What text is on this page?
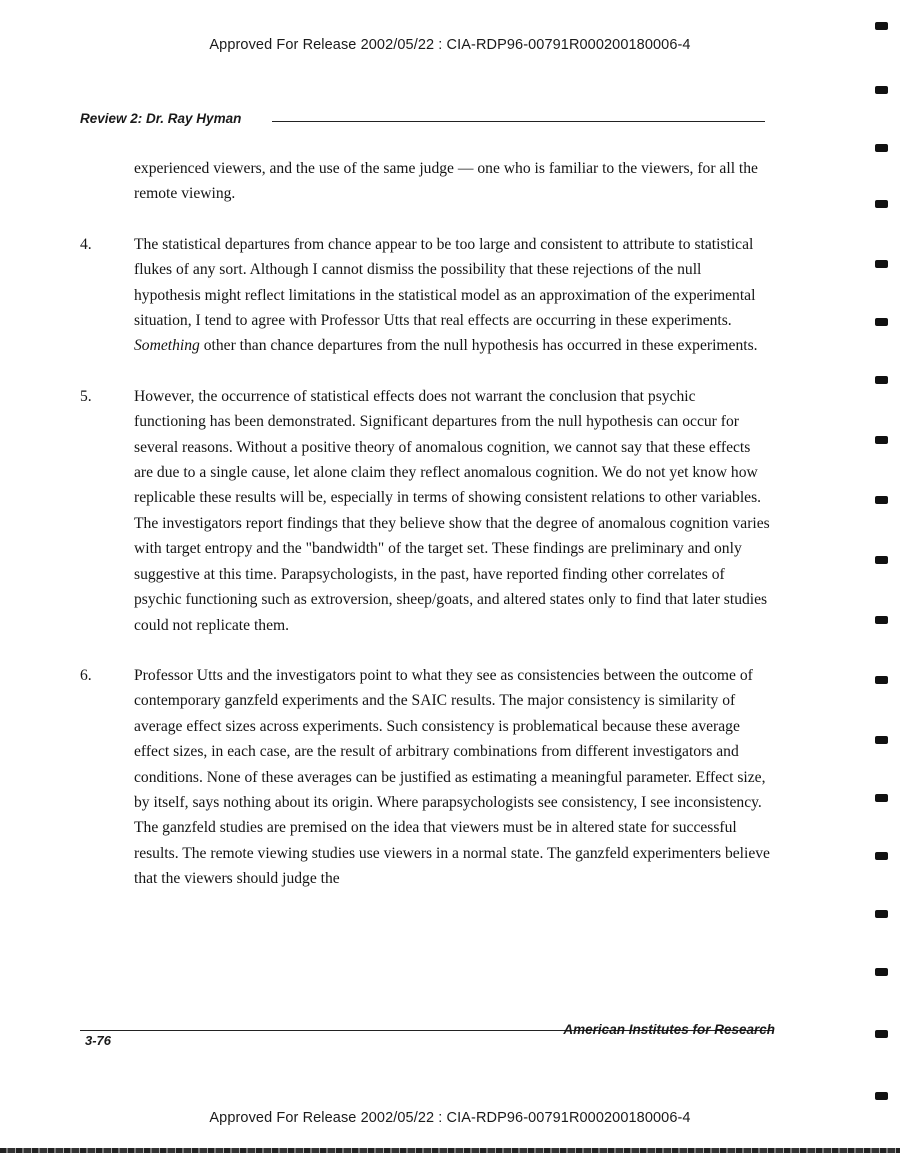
Approved For Release 2002/05/22 : CIA-RDP96-00791R000200180006-4
Review 2: Dr. Ray Hyman
experienced viewers, and the use of the same judge — one who is familiar to the viewers, for all the remote viewing.
4.	The statistical departures from chance appear to be too large and consistent to attribute to statistical flukes of any sort. Although I cannot dismiss the possibility that these rejections of the null hypothesis might reflect limitations in the statistical model as an approximation of the experimental situation, I tend to agree with Professor Utts that real effects are occurring in these experiments. Something other than chance departures from the null hypothesis has occurred in these experiments.
5.	However, the occurrence of statistical effects does not warrant the conclusion that psychic functioning has been demonstrated. Significant departures from the null hypothesis can occur for several reasons. Without a positive theory of anomalous cognition, we cannot say that these effects are due to a single cause, let alone claim they reflect anomalous cognition. We do not yet know how replicable these results will be, especially in terms of showing consistent relations to other variables. The investigators report findings that they believe show that the degree of anomalous cognition varies with target entropy and the "bandwidth" of the target set. These findings are preliminary and only suggestive at this time. Parapsychologists, in the past, have reported finding other correlates of psychic functioning such as extroversion, sheep/goats, and altered states only to find that later studies could not replicate them.
6.	Professor Utts and the investigators point to what they see as consistencies between the outcome of contemporary ganzfeld experiments and the SAIC results. The major consistency is similarity of average effect sizes across experiments. Such consistency is problematical because these average effect sizes, in each case, are the result of arbitrary combinations from different investigators and conditions. None of these averages can be justified as estimating a meaningful parameter. Effect size, by itself, says nothing about its origin. Where parapsychologists see consistency, I see inconsistency. The ganzfeld studies are premised on the idea that viewers must be in altered state for successful results. The remote viewing studies use viewers in a normal state. The ganzfeld experimenters believe that the viewers should judge the
3-76
American Institutes for Research
Approved For Release 2002/05/22 : CIA-RDP96-00791R000200180006-4
